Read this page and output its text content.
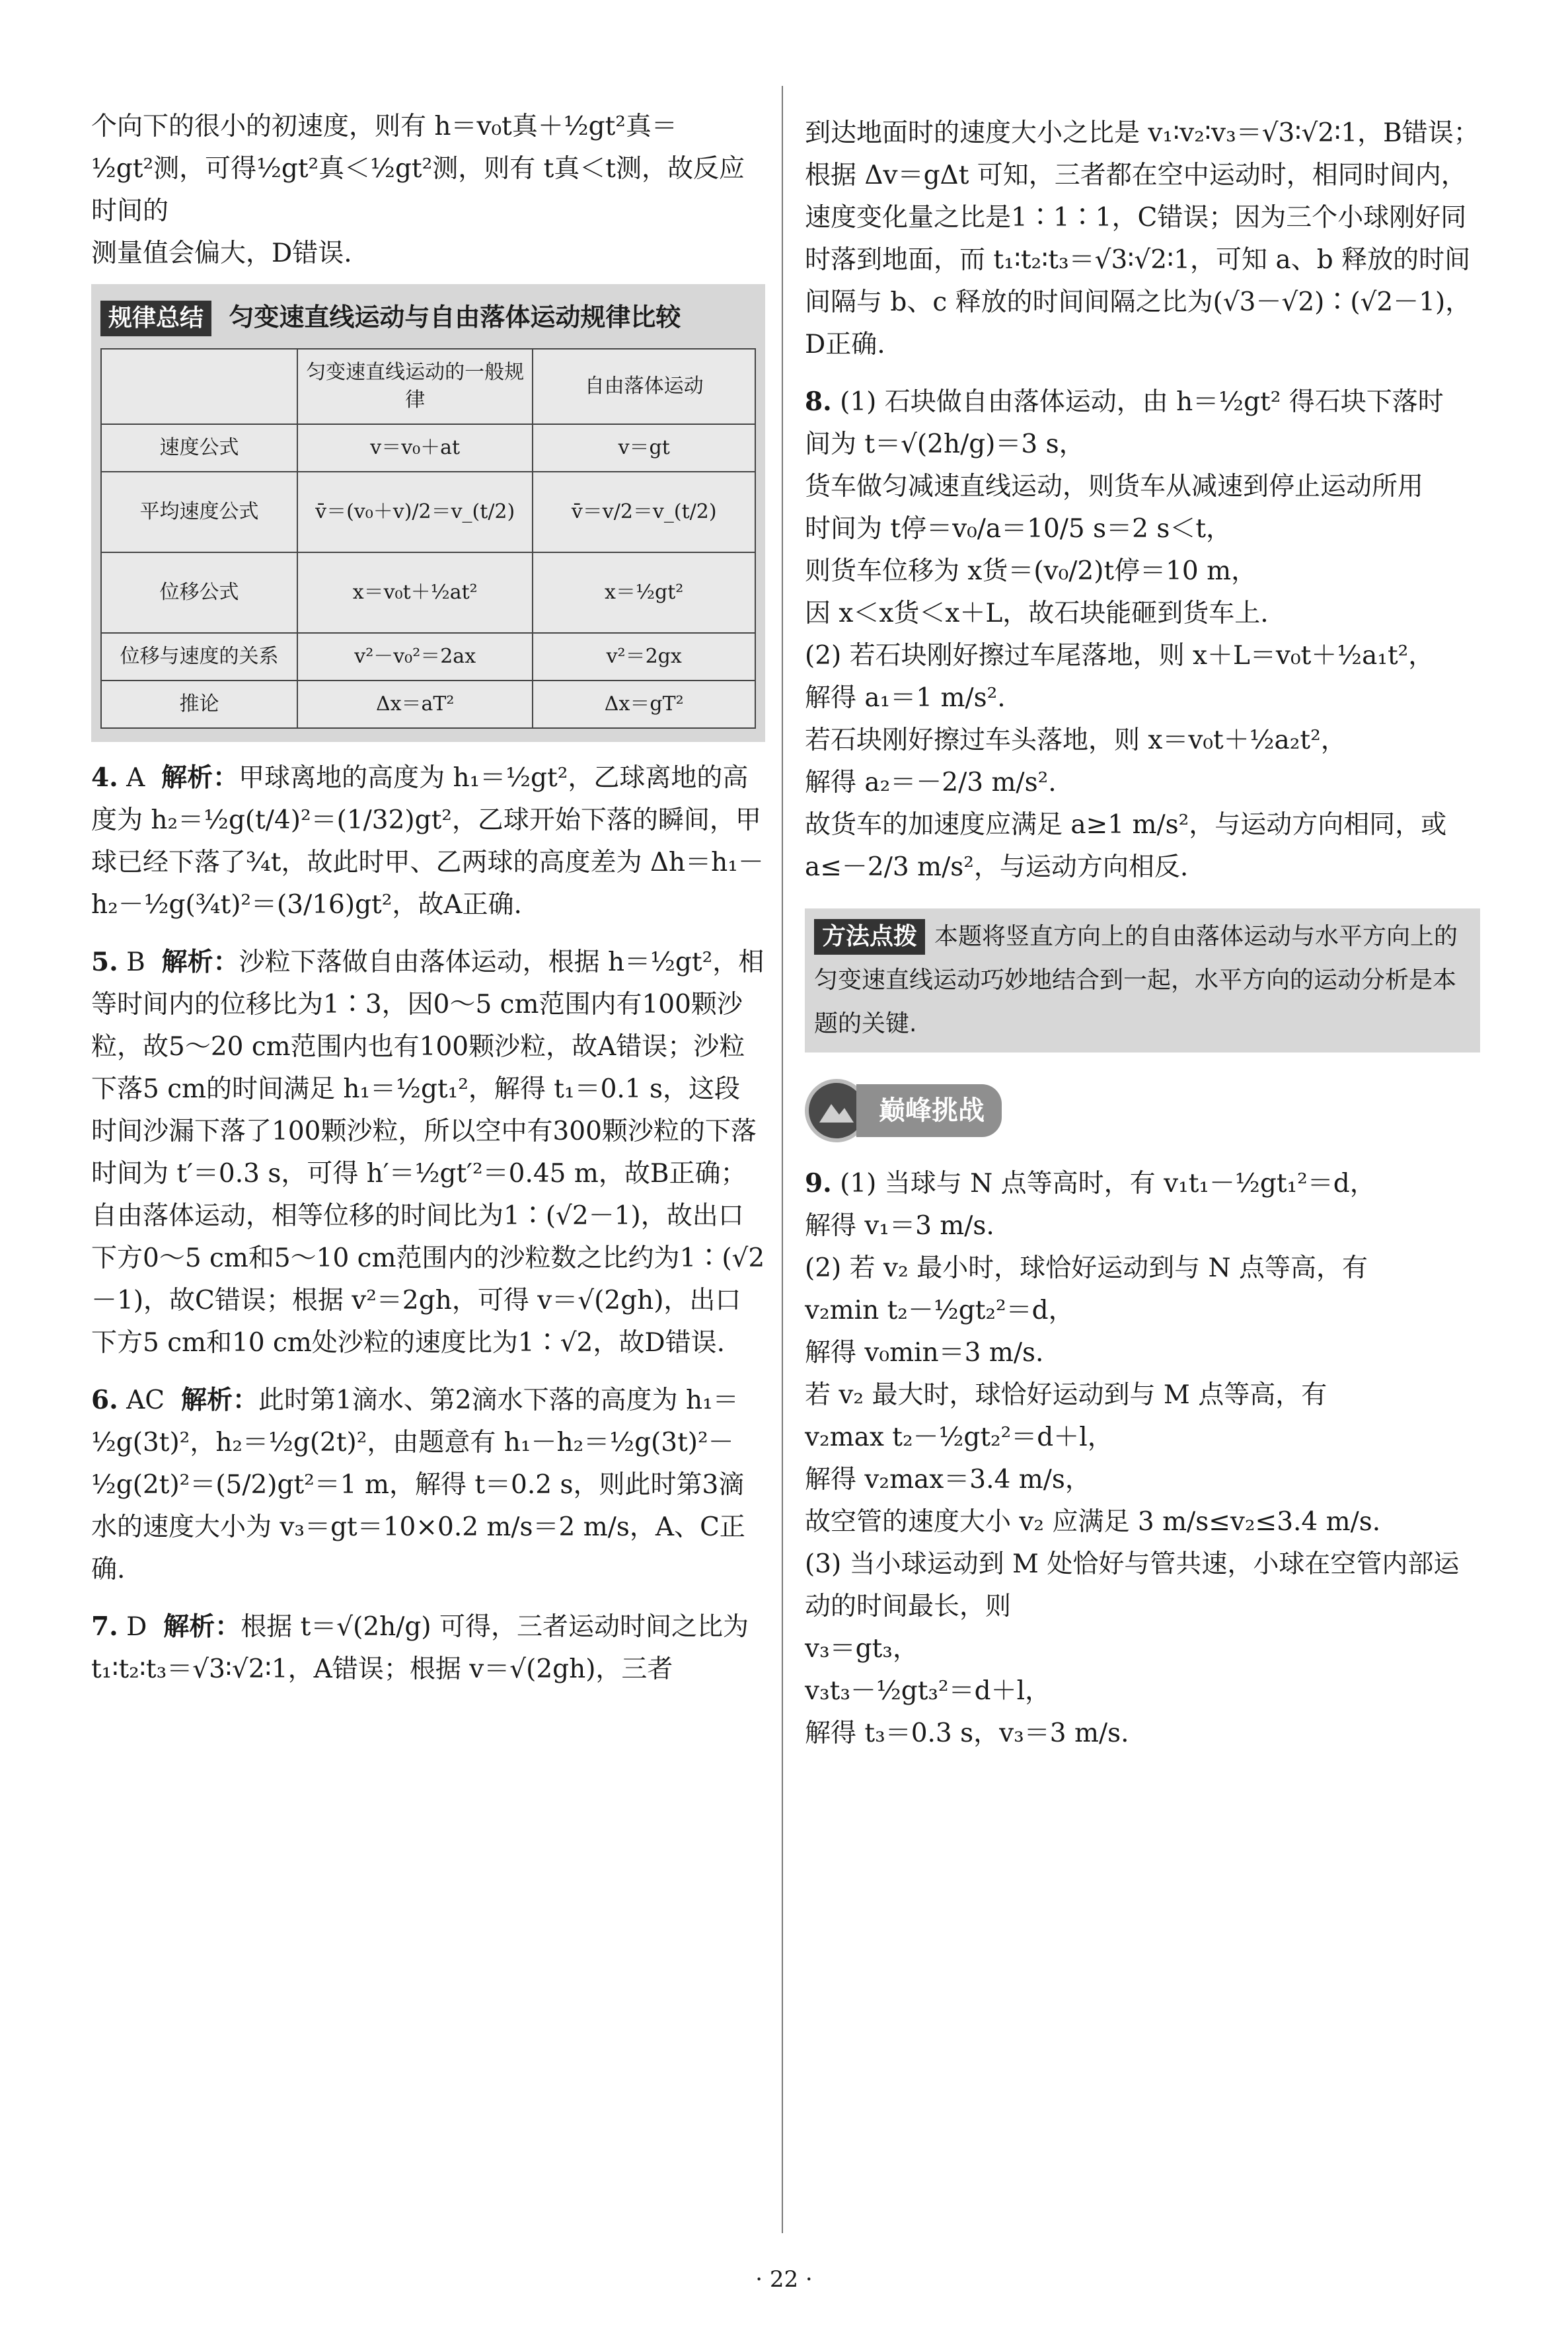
个向下的很小的初速度，则有 h＝v₀t真＋½gt²真＝

½gt²测，可得½gt²真＜½gt²测，则有 t真＜t测，故反应时间的

测量值会偏大，D错误.

规律总结 匀变速直线运动与自由落体运动规律比较
	匀变速直线运动的一般规律	自由落体运动
速度公式	v＝v₀＋at	v＝gt
平均速度公式	v̄＝(v₀＋v)/2＝v_(t/2)	v̄＝v/2＝v_(t/2)
位移公式	x＝v₀t＋½at²	x＝½gt²
位移与速度的关系	v²－v₀²＝2ax	v²＝2gx
推论	Δx＝aT²	Δx＝gT²

4. A 解析：甲球离地的高度为 h₁＝½gt²，乙球离地的高度为 h₂＝½g(t/4)²＝(1/32)gt²，乙球开始下落的瞬间，甲球已经下落了¾t，故此时甲、乙两球的高度差为 Δh＝h₁－h₂－½g(¾t)²＝(3/16)gt²，故A正确.

5. B 解析：沙粒下落做自由落体运动，根据 h＝½gt²，相等时间内的位移比为1∶3，因0～5 cm范围内有100颗沙粒，故5～20 cm范围内也有100颗沙粒，故A错误；沙粒下落5 cm的时间满足 h₁＝½gt₁²，解得 t₁＝0.1 s，这段时间沙漏下落了100颗沙粒，所以空中有300颗沙粒的下落时间为 t′＝0.3 s，可得 h′＝½gt′²＝0.45 m，故B正确；自由落体运动，相等位移的时间比为1∶(√2－1)，故出口下方0～5 cm和5～10 cm范围内的沙粒数之比约为1∶(√2－1)，故C错误；根据 v²＝2gh，可得 v＝√(2gh)，出口下方5 cm和10 cm处沙粒的速度比为1∶√2，故D错误.

6. AC 解析：此时第1滴水、第2滴水下落的高度为 h₁＝½g(3t)²，h₂＝½g(2t)²，由题意有 h₁－h₂＝½g(3t)²－½g(2t)²＝(5/2)gt²＝1 m，解得 t＝0.2 s，则此时第3滴水的速度大小为 v₃＝gt＝10×0.2 m/s＝2 m/s，A、C正确.

7. D 解析：根据 t＝√(2h/g) 可得，三者运动时间之比为 t₁∶t₂∶t₃＝√3∶√2∶1，A错误；根据 v＝√(2gh)，三者

到达地面时的速度大小之比是 v₁∶v₂∶v₃＝√3∶√2∶1，B错误；根据 Δv＝gΔt 可知，三者都在空中运动时，相同时间内，速度变化量之比是1∶1∶1，C错误；因为三个小球刚好同时落到地面，而 t₁∶t₂∶t₃＝√3∶√2∶1，可知 a、b 释放的时间间隔与 b、c 释放的时间间隔之比为(√3－√2)∶(√2－1)，D正确.

8. (1) 石块做自由落体运动，由 h＝½gt² 得石块下落时

间为 t＝√(2h/g)＝3 s，

货车做匀减速直线运动，则货车从减速到停止运动所用

时间为 t停＝v₀/a＝10/5 s＝2 s＜t，

则货车位移为 x货＝(v₀/2)t停＝10 m，

因 x＜x货＜x＋L，故石块能砸到货车上.

(2) 若石块刚好擦过车尾落地，则 x＋L＝v₀t＋½a₁t²，

解得 a₁＝1 m/s².

若石块刚好擦过车头落地，则 x＝v₀t＋½a₂t²，

解得 a₂＝－2/3 m/s².

故货车的加速度应满足 a≥1 m/s²，与运动方向相同，或

a≤－2/3 m/s²，与运动方向相反.

方法点拨 本题将竖直方向上的自由落体运动与水平方向上的匀变速直线运动巧妙地结合到一起，水平方向的运动分析是本题的关键.
巅峰挑战

9. (1) 当球与 N 点等高时，有 v₁t₁－½gt₁²＝d，

解得 v₁＝3 m/s.

(2) 若 v₂ 最小时，球恰好运动到与 N 点等高，有

v₂min t₂－½gt₂²＝d，

解得 v₀min＝3 m/s.

若 v₂ 最大时，球恰好运动到与 M 点等高，有

v₂max t₂－½gt₂²＝d＋l，

解得 v₂max＝3.4 m/s，

故空管的速度大小 v₂ 应满足 3 m/s≤v₂≤3.4 m/s.

(3) 当小球运动到 M 处恰好与管共速，小球在空管内部运动的时间最长，则

v₃＝gt₃，

v₃t₃－½gt₃²＝d＋l，

解得 t₃＝0.3 s，v₃＝3 m/s.

· 22 ·
